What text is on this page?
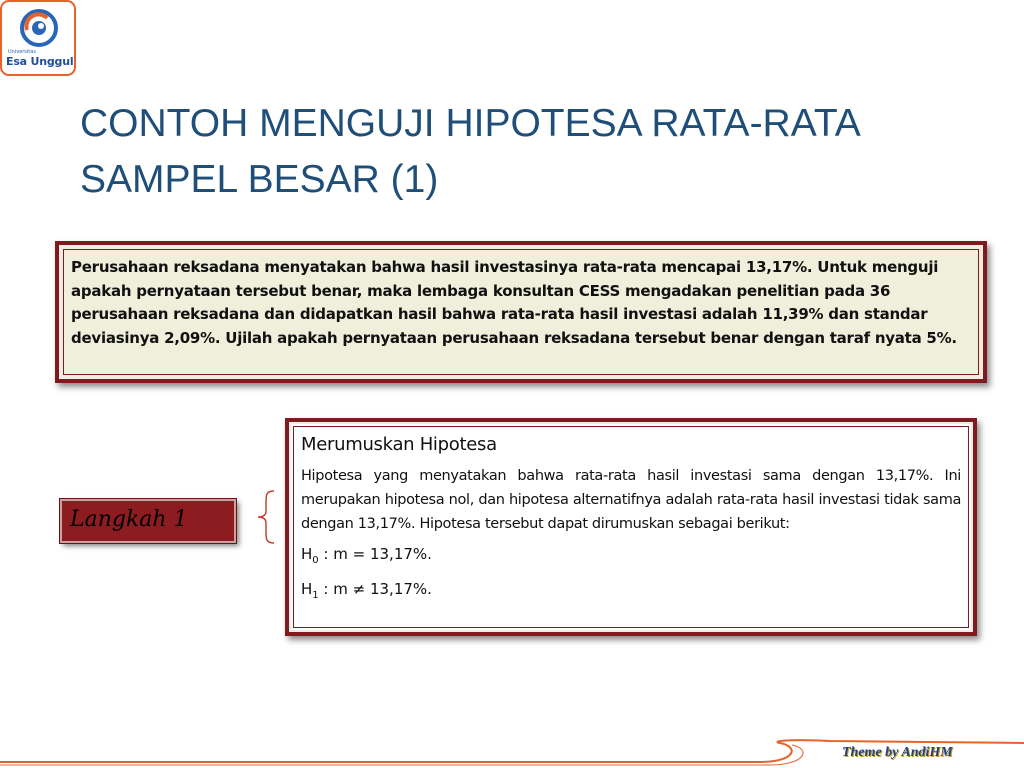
Universitas
Esa Unggul
CONTOH MENGUJI HIPOTESA RATA-RATA
SAMPEL BESAR (1)
Perusahaan reksadana menyatakan bahwa hasil investasinya rata-rata mencapai 13,17%. Untuk menguji apakah pernyataan tersebut benar, maka lembaga konsultan CESS mengadakan penelitian pada 36 perusahaan reksadana dan didapatkan hasil bahwa rata-rata hasil investasi adalah 11,39% dan standar deviasinya 2,09%. Ujilah apakah pernyataan perusahaan reksadana tersebut benar dengan taraf nyata 5%.
Langkah 1
Merumuskan Hipotesa
Hipotesa yang menyatakan bahwa rata-rata hasil investasi sama dengan 13,17%. Ini merupakan hipotesa nol, dan hipotesa alternatifnya adalah rata-rata hasil investasi tidak sama dengan 13,17%. Hipotesa tersebut dapat dirumuskan sebagai berikut:
$H_0$ : m = 13,17%.
$H_1$ : m ≠ 13,17%.
Theme by AndiHM
